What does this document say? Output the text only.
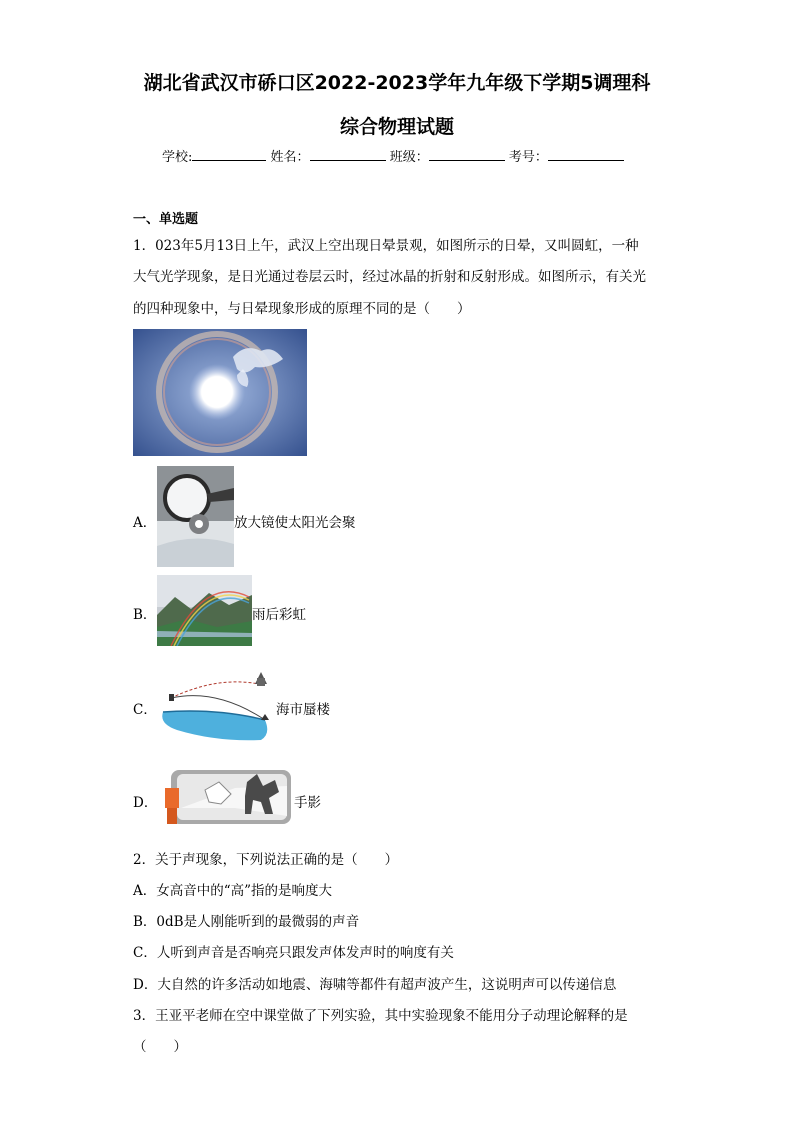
湖北省武汉市硚口区2022-2023学年九年级下学期5调理科
综合物理试题
学校:	姓名：	班级：	考号：
一、单选题
1．023年5月13日上午，武汉上空出现日晕景观，如图所示的日晕，又叫圆虹，一种
大气光学现象，是日光通过卷层云时，经过冰晶的折射和反射形成。如图所示，有关光
的四种现象中，与日晕现象形成的原理不同的是（　　）
A．	放大镜使太阳光会聚
B．	雨后彩虹
C．	海市蜃楼
D．	手影
2．关于声现象，下列说法正确的是（　　）
A．女高音中的“高”指的是响度大
B．0dB是人刚能听到的最微弱的声音
C．人听到声音是否响亮只跟发声体发声时的响度有关
D．大自然的许多活动如地震、海啸等都件有超声波产生，这说明声可以传递信息
3．王亚平老师在空中课堂做了下列实验，其中实验现象不能用分子动理论解释的是
（　　）
